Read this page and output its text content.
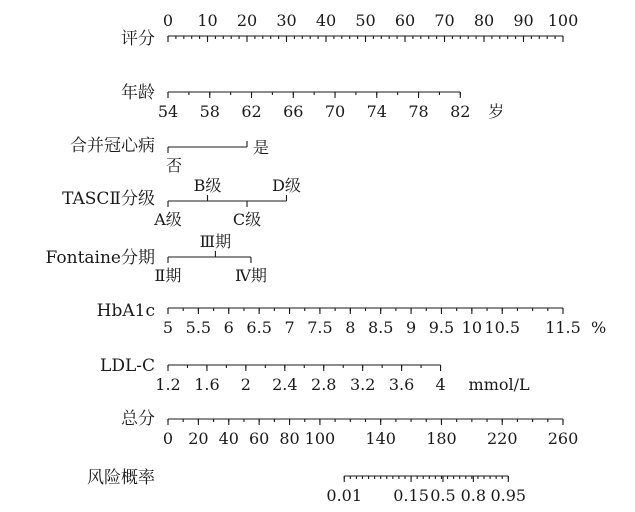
评分
0 10 20 30 40 50 60 70 80 90 100
年龄
54 58 62 66 70 74 78 82 岁
合并冠心病
否
是
TASCⅡ分级
A级
B级
C级
D级
Fontaine分期
Ⅱ期
Ⅲ期
Ⅳ期
HbA1c
5 5.5 6 6.5 7 7.5 8 8.5 9 9.5 10 10.5 11.5 %
LDL-C
1.2 1.6 2 2.4 2.8 3.2 3.6 4 mmol/L
总分
0 20 40 60 80 100 140 180 220 260
风险概率
0.01 0.15 0.5 0.8 0.95
